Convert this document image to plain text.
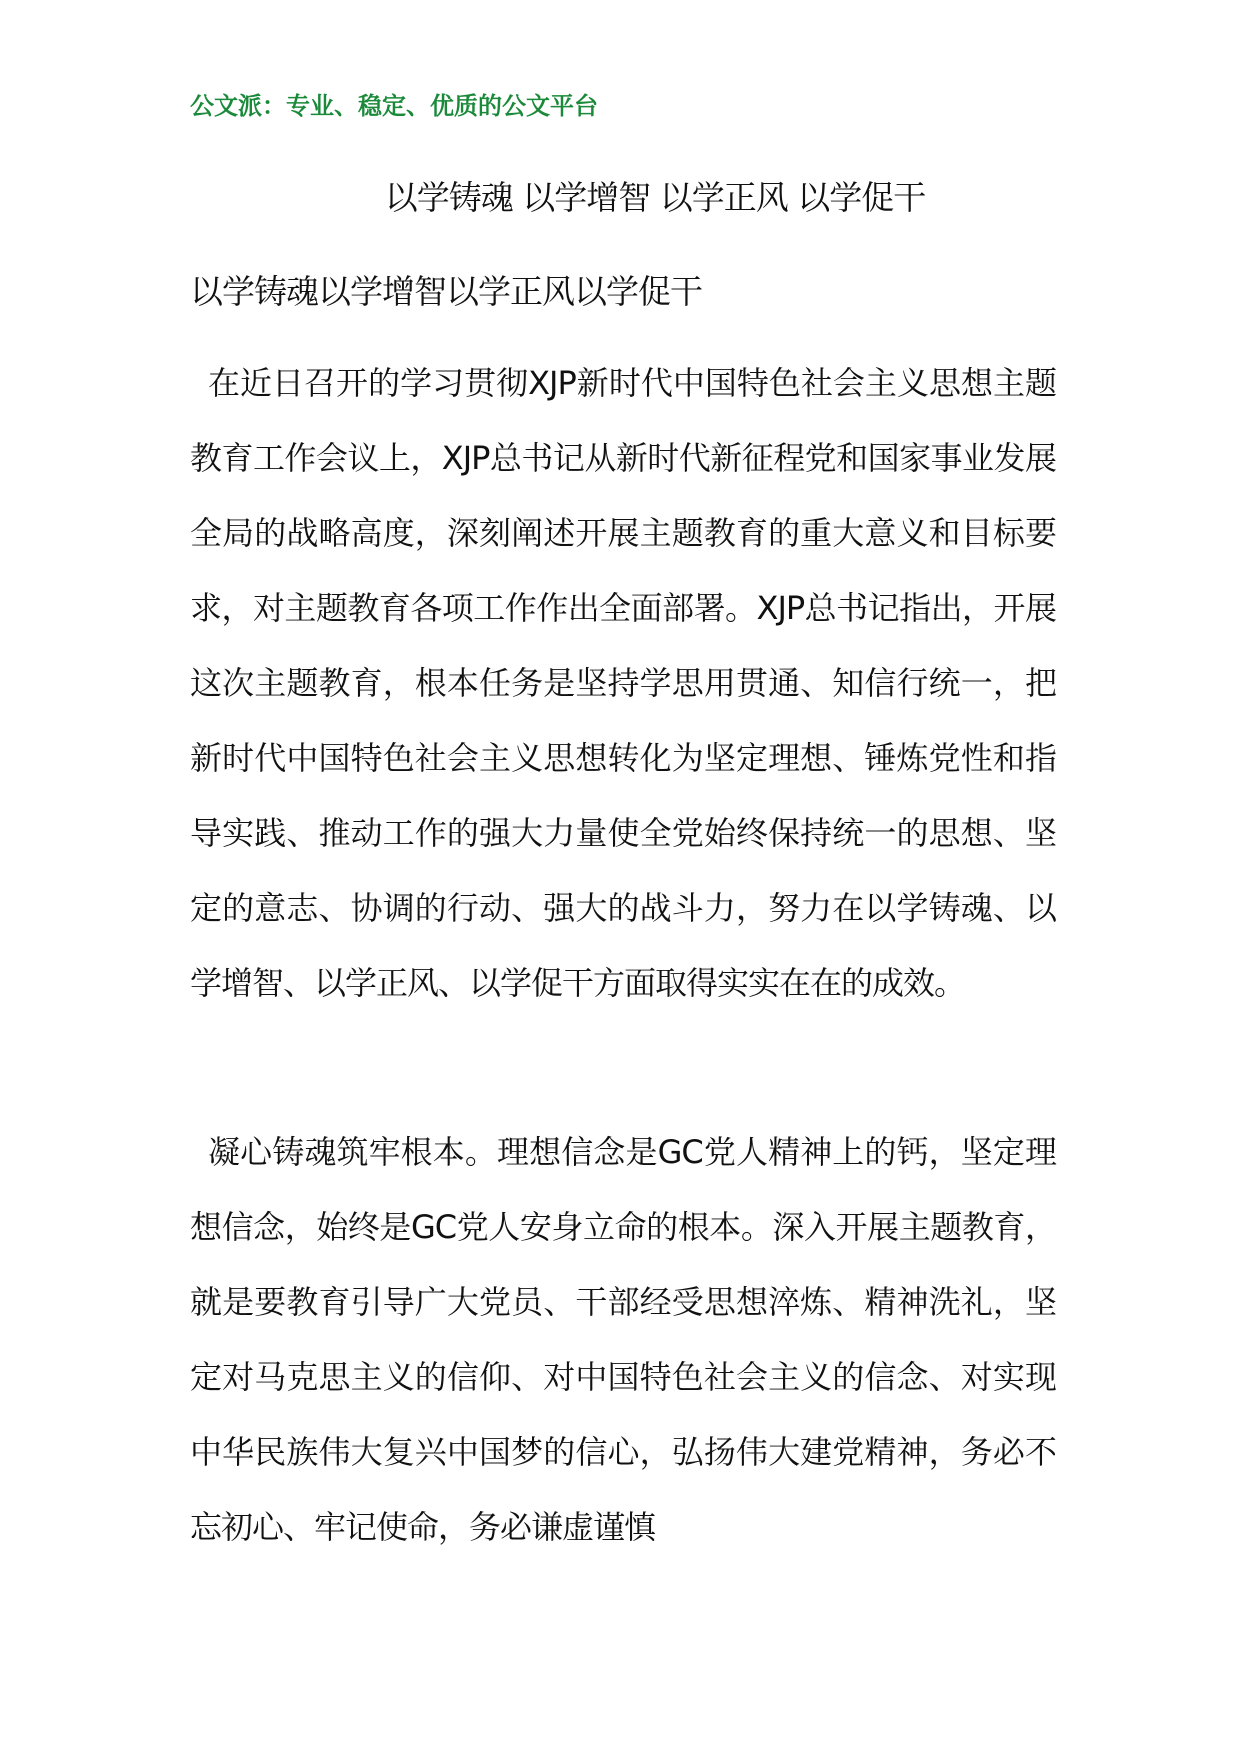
公文派：专业、稳定、优质的公文平台
以学铸魂 以学增智 以学正风 以学促干
以学铸魂以学增智以学正风以学促干

在近日召开的学习贯彻XJP新时代中国特色社会主义思想主题教育工作会议上，XJP总书记从新时代新征程党和国家事业发展全局的战略高度，深刻阐述开展主题教育的重大意义和目标要求，对主题教育各项工作作出全面部署。XJP总书记指出，开展这次主题教育，根本任务是坚持学思用贯通、知信行统一，把新时代中国特色社会主义思想转化为坚定理想、锤炼党性和指导实践、推动工作的强大力量使全党始终保持统一的思想、坚定的意志、协调的行动、强大的战斗力，努力在以学铸魂、以学增智、以学正风、以学促干方面取得实实在在的成效。

凝心铸魂筑牢根本。理想信念是GC党人精神上的钙，坚定理想信念，始终是GC党人安身立命的根本。深入开展主题教育，就是要教育引导广大党员、干部经受思想淬炼、精神洗礼，坚定对马克思主义的信仰、对中国特色社会主义的信念、对实现中华民族伟大复兴中国梦的信心，弘扬伟大建党精神，务必不忘初心、牢记使命，务必谦虚谨慎
